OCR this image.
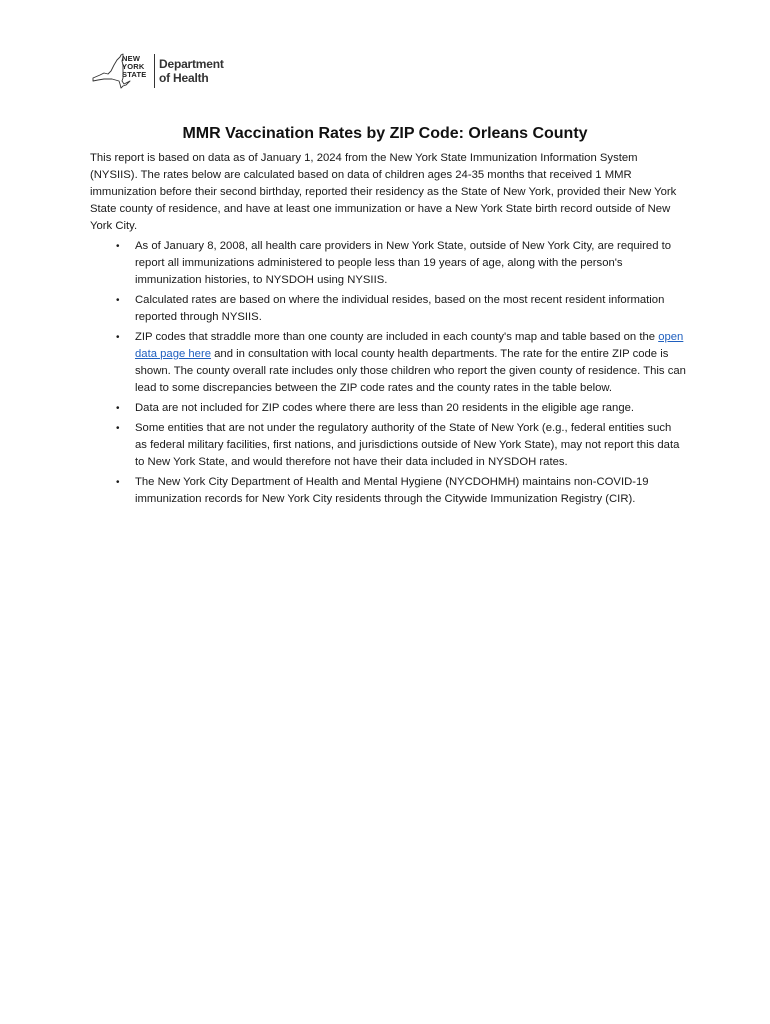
NEW
YORK
STATE
Department
of Health
MMR Vaccination Rates by ZIP Code: Orleans County

This report is based on data as of January 1, 2024 from the New York State Immunization Information System (NYSIIS). The rates below are calculated based on data of children ages 24-35 months that received 1 MMR immunization before their second birthday, reported their residency as the State of New York, provided their New York State county of residence, and have at least one immunization or have a New York State birth record outside of New York City.

• As of January 8, 2008, all health care providers in New York State, outside of New York City, are required to report all immunizations administered to people less than 19 years of age, along with the person's immunization histories, to NYSDOH using NYSIIS.
• Calculated rates are based on where the individual resides, based on the most recent resident information reported through NYSIIS.
• ZIP codes that straddle more than one county are included in each county's map and table based on the open data page here and in consultation with local county health departments. The rate for the entire ZIP code is shown. The county overall rate includes only those children who report the given county of residence. This can lead to some discrepancies between the ZIP code rates and the county rates in the table below.
• Data are not included for ZIP codes where there are less than 20 residents in the eligible age range.
• Some entities that are not under the regulatory authority of the State of New York (e.g., federal entities such as federal military facilities, first nations, and jurisdictions outside of New York State), may not report this data to New York State, and would therefore not have their data included in NYSDOH rates.
• The New York City Department of Health and Mental Hygiene (NYCDOHMH) maintains non-COVID-19 immunization records for New York City residents through the Citywide Immunization Registry (CIR).
